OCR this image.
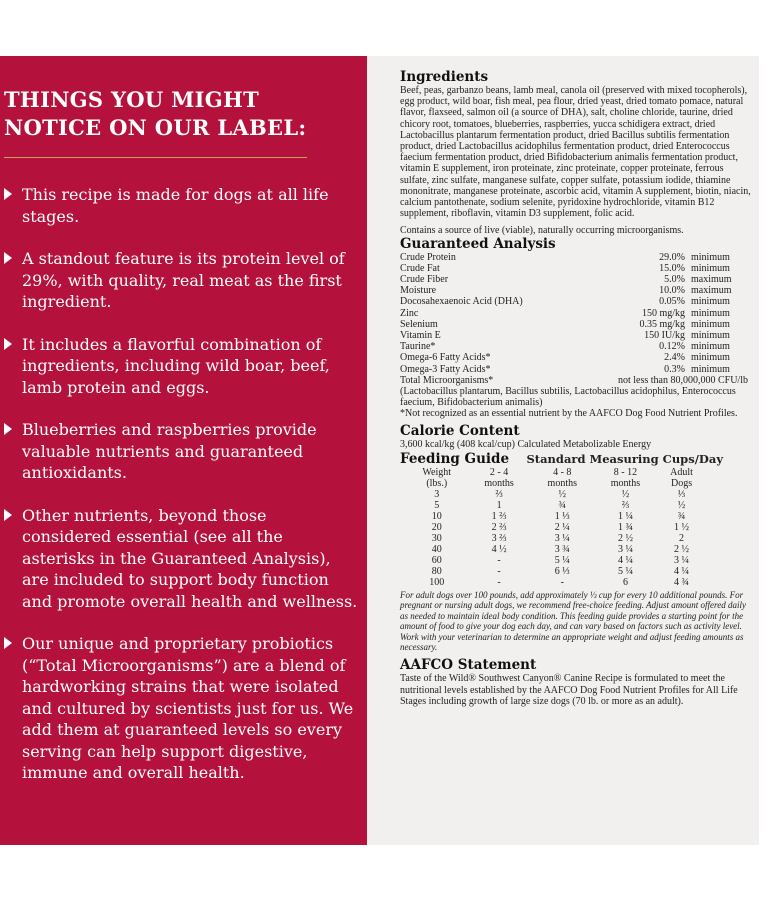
THINGS YOU MIGHT
NOTICE ON OUR LABEL:
This recipe is made for dogs at all life stages.
A standout feature is its protein level of 29%, with quality, real meat as the first ingredient.
It includes a flavorful combination of ingredients, including wild boar, beef, lamb protein and eggs.
Blueberries and raspberries provide valuable nutrients and guaranteed antioxidants.
Other nutrients, beyond those considered essential (see all the asterisks in the Guaranteed Analysis), are included to support body function and promote overall health and wellness.
Our unique and proprietary probiotics (“Total Microorganisms”) are a blend of hardworking strains that were isolated and cultured by scientists just for us. We add them at guaranteed levels so every serving can help support digestive, immune and overall health.
Ingredients
Beef, peas, garbanzo beans, lamb meal, canola oil (preserved with mixed tocopherols), egg product, wild boar, fish meal, pea flour, dried yeast, dried tomato pomace, natural flavor, flaxseed, salmon oil (a source of DHA), salt, choline chloride, taurine, dried chicory root, tomatoes, blueberries, raspberries, yucca schidigera extract, dried Lactobacillus plantarum fermentation product, dried Bacillus subtilis fermentation product, dried Lactobacillus acidophilus fermentation product, dried Enterococcus faecium fermentation product, dried Bifidobacterium animalis fermentation product, vitamin E supplement, iron proteinate, zinc proteinate, copper proteinate, ferrous sulfate, zinc sulfate, manganese sulfate, copper sulfate, potassium iodide, thiamine mononitrate, manganese proteinate, ascorbic acid, vitamin A supplement, biotin, niacin, calcium pantothenate, sodium selenite, pyridoxine hydrochloride, vitamin B12 supplement, riboflavin, vitamin D3 supplement, folic acid.
Contains a source of live (viable), naturally occurring microorganisms.
Guaranteed Analysis
Crude Protein	29.0% minimum
Crude Fat	15.0% minimum
Crude Fiber	5.0% maximum
Moisture	10.0% maximum
Docosahexaenoic Acid (DHA)	0.05% minimum
Zinc	150 mg/kg minimum
Selenium	0.35 mg/kg minimum
Vitamin E	150 IU/kg minimum
Taurine*	0.12% minimum
Omega-6 Fatty Acids*	2.4% minimum
Omega-3 Fatty Acids*	0.3% minimum
Total Microorganisms*	not less than 80,000,000 CFU/lb
(Lactobacillus plantarum, Bacillus subtilis, Lactobacillus acidophilus, Enterococcus faecium, Bifidobacterium animalis)
*Not recognized as an essential nutrient by the AAFCO Dog Food Nutrient Profiles.
Calorie Content
3,600 kcal/kg (408 kcal/cup) Calculated Metabolizable Energy
Feeding Guide Standard Measuring Cups/Day
Weight	2 - 4	4 - 8	8 - 12	Adult
(lbs.)	months	months	months	Dogs
3	⅔	½	½	⅓
5	1	¾	⅔	½
10	1 ⅔	1 ⅓	1 ¼	¾
20	2 ⅔	2 ¼	1 ¾	1 ½
30	3 ⅔	3 ¼	2 ½	2
40	4 ½	3 ¾	3 ¼	2 ½
60	-	5 ¼	4 ¼	3 ¼
80	-	6 ⅓	5 ¼	4 ¼
100	-	-	6	4 ¾
For adult dogs over 100 pounds, add approximately ⅓ cup for every 10 additional pounds. For pregnant or nursing adult dogs, we recommend free-choice feeding. Adjust amount offered daily as needed to maintain ideal body condition. This feeding guide provides a starting point for the amount of food to give your dog each day, and can vary based on factors such as activity level. Work with your veterinarian to determine an appropriate weight and adjust feeding amounts as necessary.
AAFCO Statement
Taste of the Wild® Southwest Canyon® Canine Recipe is formulated to meet the nutritional levels established by the AAFCO Dog Food Nutrient Profiles for All Life Stages including growth of large size dogs (70 lb. or more as an adult).
